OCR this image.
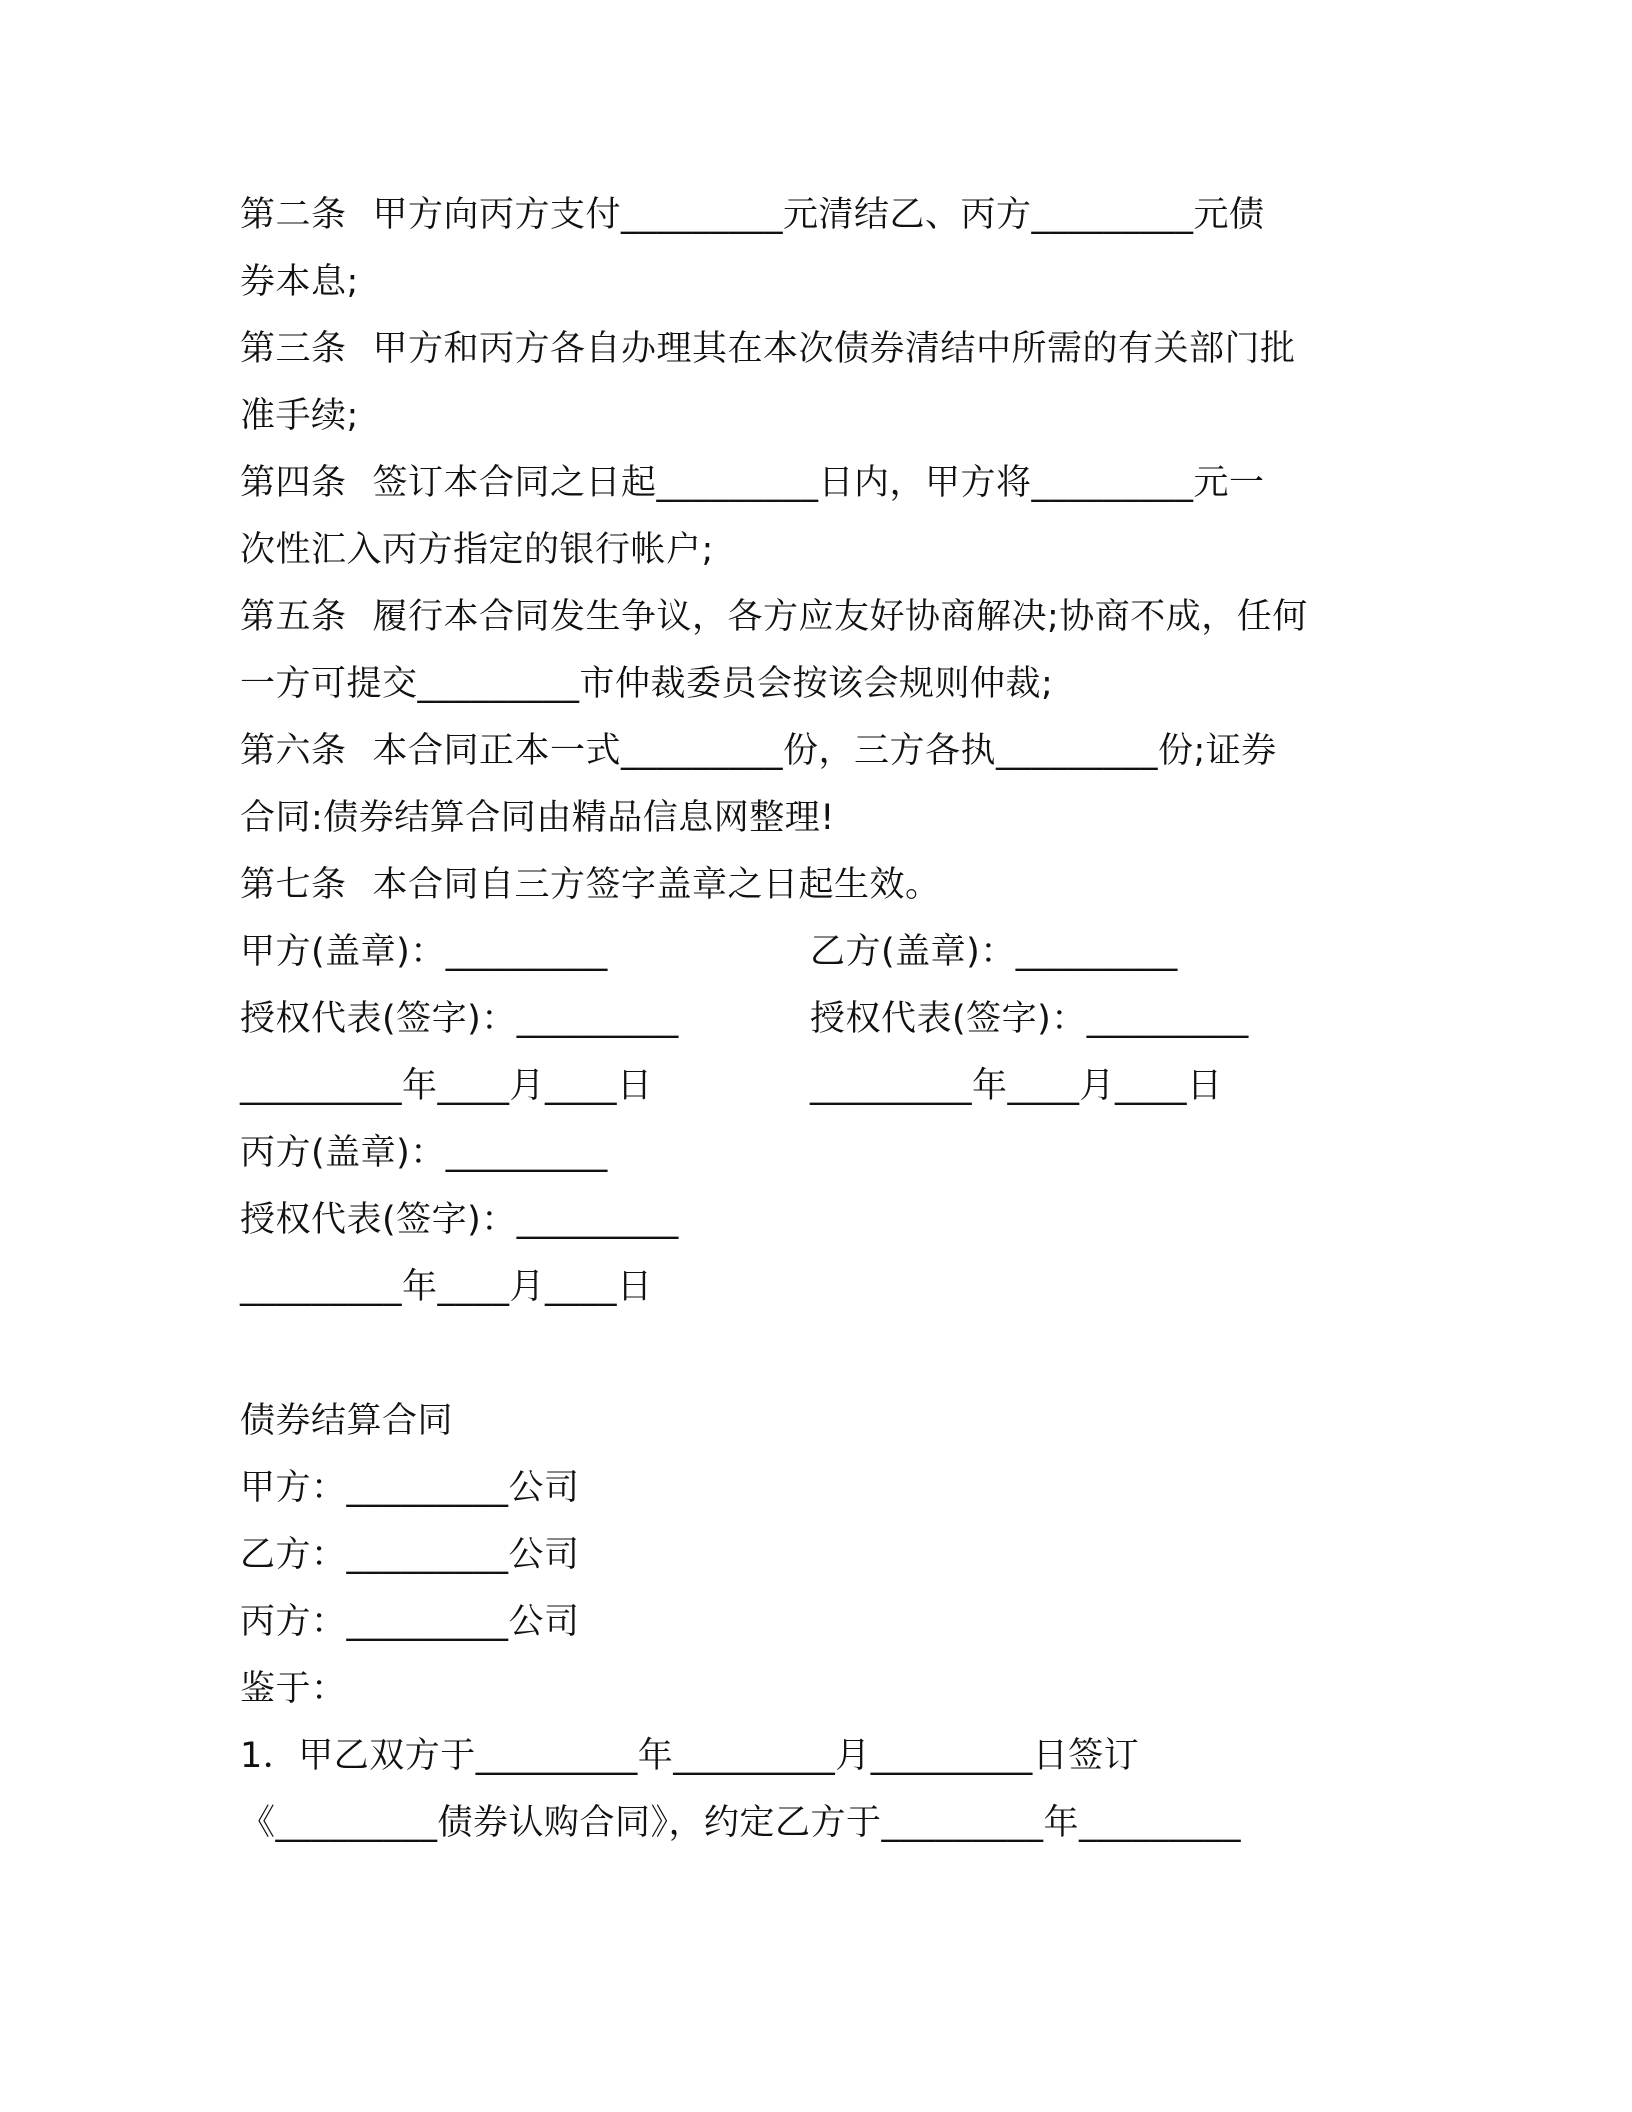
第二条 甲方向丙方支付_________元清结乙、丙方_________元债
券本息;
第三条 甲方和丙方各自办理其在本次债券清结中所需的有关部门批
准手续;
第四条 签订本合同之日起_________日内，甲方将_________元一
次性汇入丙方指定的银行帐户;
第五条 履行本合同发生争议，各方应友好协商解决;协商不成，任何
一方可提交_________市仲裁委员会按该会规则仲裁;
第六条 本合同正本一式_________份，三方各执_________份;证券
合同:债券结算合同由精品信息网整理!
第七条 本合同自三方签字盖章之日起生效。
甲方(盖章)：_________	乙方(盖章)：_________
授权代表(签字)：_________	授权代表(签字)：_________
_________年____月____日	_________年____月____日
丙方(盖章)：_________
授权代表(签字)：_________
_________年____月____日
债券结算合同
甲方：_________公司
乙方：_________公司
丙方：_________公司
鉴于：
1．甲乙双方于_________年_________月_________日签订
《_________债券认购合同》，约定乙方于_________年_________
